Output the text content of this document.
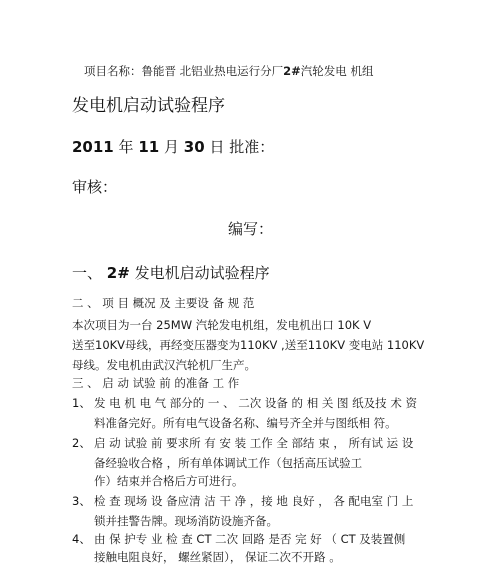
项目名称：鲁能晋 北铝业热电运行分厂2#汽轮发电 机组
发电机启动试验程序
2011 年 11 月 30 日 批准：
审核：
编写：
一、 2# 发电机启动试验程序
二 、 项 目 概况 及 主要设 备 规 范
本次项目为一台 25MW 汽轮发电机组，发电机出口 10K V
送至10KV母线，再经变压器变为110KV ,送至110KV 变电站 110KV
母线。发电机由武汉汽轮机厂生产。
三 、 启 动 试验 前 的准备 工 作
1、 发 电 机 电 气 部分的 一 、 二次 设备 的 相 关 图 纸及技 术 资
料准备完好。所有电气设备名称、编号齐全并与图纸相 符。
2、 启 动 试验 前 要求所 有 安 装 工作 全 部结 束 ， 所有试 运 设
备经验收合格 ，所有单体调试工作（包括高压试验工
作）结束并合格后方可进行。
3、 检 查 现场 设 备应清 洁 干 净 ，接 地 良好 ， 各 配电室 门 上
锁并挂警告牌。现场消防设施齐备。
4、 由 保 护专 业 检 查 CT 二次 回路 是否 完 好 （ CT 及装置侧
接触电阻良好， 螺丝紧固）， 保证二次不开路 。
